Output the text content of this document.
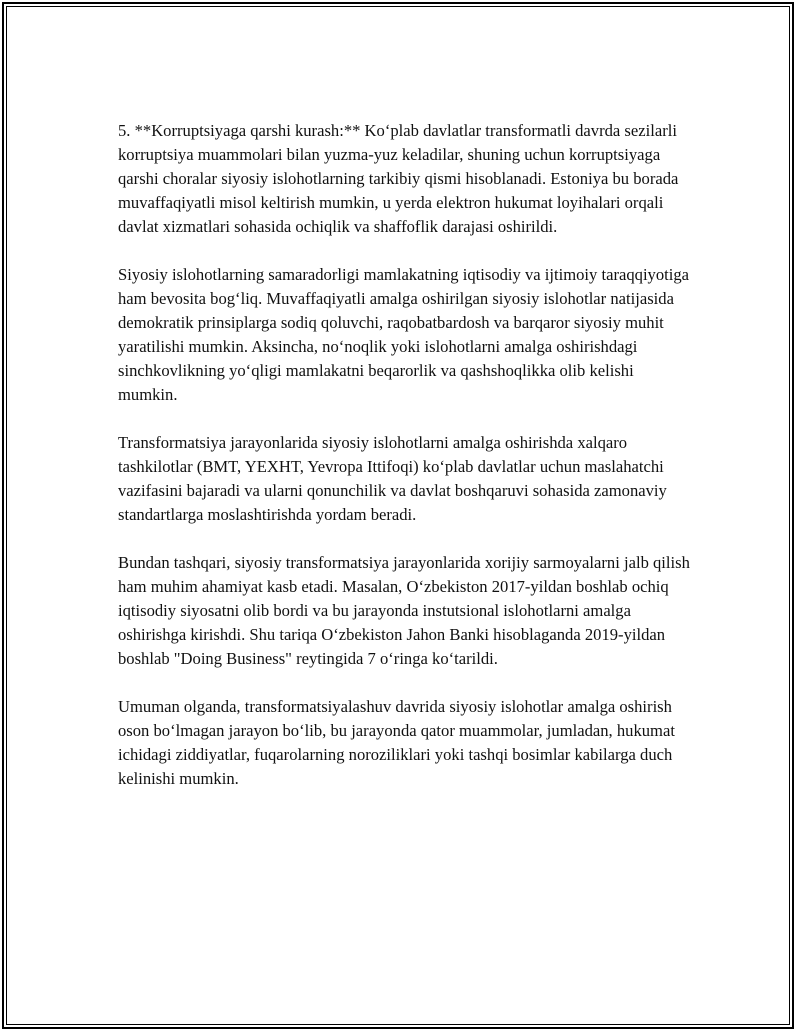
5. **Korruptsiyaga qarshi kurash:** Ko‘plab davlatlar transformatli davrda sezilarli korruptsiya muammolari bilan yuzma-yuz keladilar, shuning uchun korruptsiyaga qarshi choralar siyosiy islohotlarning tarkibiy qismi hisoblanadi. Estoniya bu borada muvaffaqiyatli misol keltirish mumkin, u yerda elektron hukumat loyihalari orqali davlat xizmatlari sohasida ochiqlik va shaffoflik darajasi oshirildi.

Siyosiy islohotlarning samaradorligi mamlakatning iqtisodiy va ijtimoiy taraqqiyotiga ham bevosita bog‘liq. Muvaffaqiyatli amalga oshirilgan siyosiy islohotlar natijasida demokratik prinsiplarga sodiq qoluvchi, raqobatbardosh va barqaror siyosiy muhit yaratilishi mumkin. Aksincha, no‘noqlik yoki islohotlarni amalga oshirishdagi sinchkovlikning yo‘qligi mamlakatni beqarorlik va qashshoqlikka olib kelishi mumkin.

Transformatsiya jarayonlarida siyosiy islohotlarni amalga oshirishda xalqaro tashkilotlar (BMT, YEXHT, Yevropa Ittifoqi) ko‘plab davlatlar uchun maslahatchi vazifasini bajaradi va ularni qonunchilik va davlat boshqaruvi sohasida zamonaviy standartlarga moslashtirishda yordam beradi.

Bundan tashqari, siyosiy transformatsiya jarayonlarida xorijiy sarmoyalarni jalb qilish ham muhim ahamiyat kasb etadi. Masalan, O‘zbekiston 2017-yildan boshlab ochiq iqtisodiy siyosatni olib bordi va bu jarayonda instutsional islohotlarni amalga oshirishga kirishdi. Shu tariqa O‘zbekiston Jahon Banki hisoblaganda 2019-yildan boshlab "Doing Business" reytingida 7 o‘ringa ko‘tarildi.

Umuman olganda, transformatsiyalashuv davrida siyosiy islohotlar amalga oshirish oson bo‘lmagan jarayon bo‘lib, bu jarayonda qator muammolar, jumladan, hukumat ichidagi ziddiyatlar, fuqarolarning noroziliklari yoki tashqi bosimlar kabilarga duch kelinishi mumkin.
